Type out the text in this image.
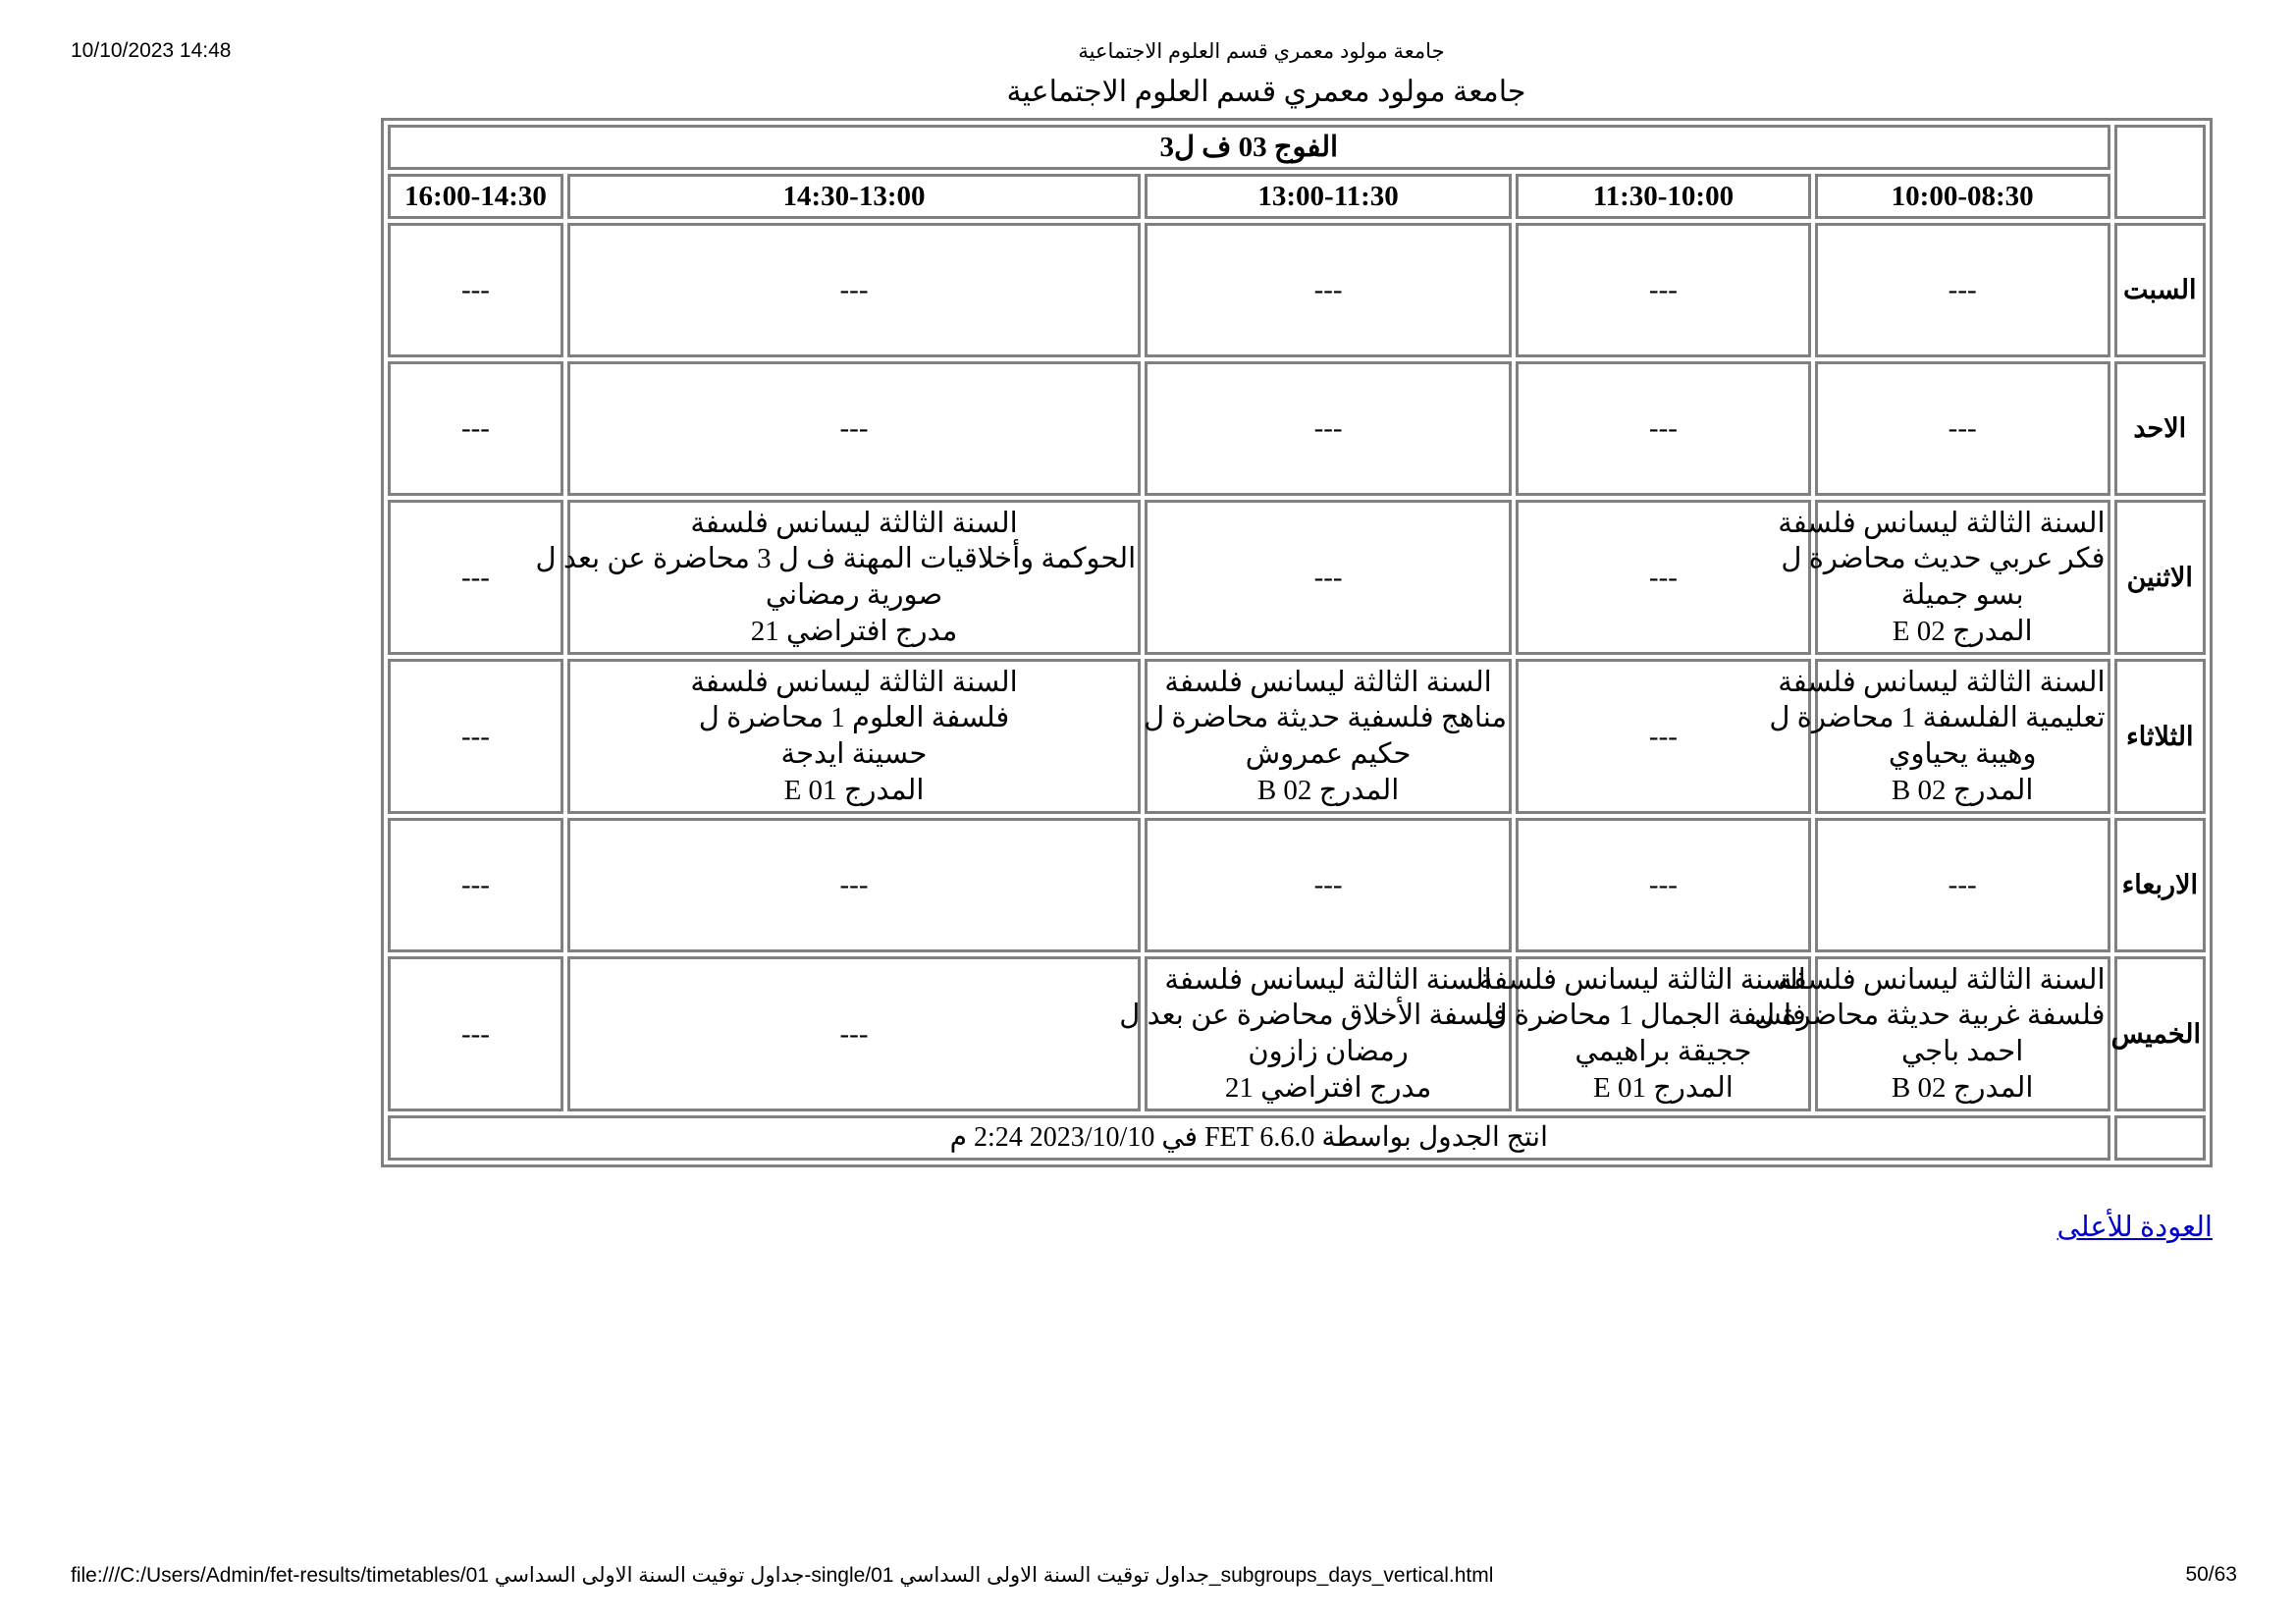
10/10/2023 14:48	جامعة مولود معمري قسم العلوم الاجتماعية
جامعة مولود معمري قسم العلوم الاجتماعية
	الفوج 03 ف ل3				
	10:00-08:30	11:30-10:00	13:00-11:30	14:30-13:00	16:00-14:30
السبت	---	---	---	---	---

الاحد	---	---	---	---	---

الاثنين	السنة الثالثة ليسانس فلسفة
فكر عربي حديث محاضرة ل
بسو جميلة
المدرج E 02	---	---	السنة الثالثة ليسانس فلسفة
الحوكمة وأخلاقيات المهنة ف ل 3 محاضرة عن بعد ل
صورية رمضاني
مدرج افتراضي 21	---

الثلاثاء	السنة الثالثة ليسانس فلسفة
تعليمية الفلسفة 1 محاضرة ل
وهيبة يحياوي
المدرج B 02	---	السنة الثالثة ليسانس فلسفة
مناهج فلسفية حديثة محاضرة ل
حكيم عمروش
المدرج B 02	السنة الثالثة ليسانس فلسفة
فلسفة العلوم 1 محاضرة ل
حسينة ايدجة
المدرج E 01	---

الاربعاء	---	---	---	---	---

الخميس	السنة الثالثة ليسانس فلسفة
فلسفة غربية حديثة محاضرة ل
احمد باجي
المدرج B 02	السنة الثالثة ليسانس فلسفة
فلسفة الجمال 1 محاضرة ل
ججيقة براهيمي
المدرج E 01	السنة الثالثة ليسانس فلسفة
فلسفة الأخلاق محاضرة عن بعد ل
رمضان زازون
مدرج افتراضي 21	---	---

	انتج الجدول بواسطة FET 6.6.0 في 2023/10/10 2:24 م				
العودة للأعلى
file:///C:/Users/Admin/fet-results/timetables/01 جداول توقيت السنة الاولى السداسي-single/01 جداول توقيت السنة الاولى السداسي_subgroups_days_vertical.html	50/63
